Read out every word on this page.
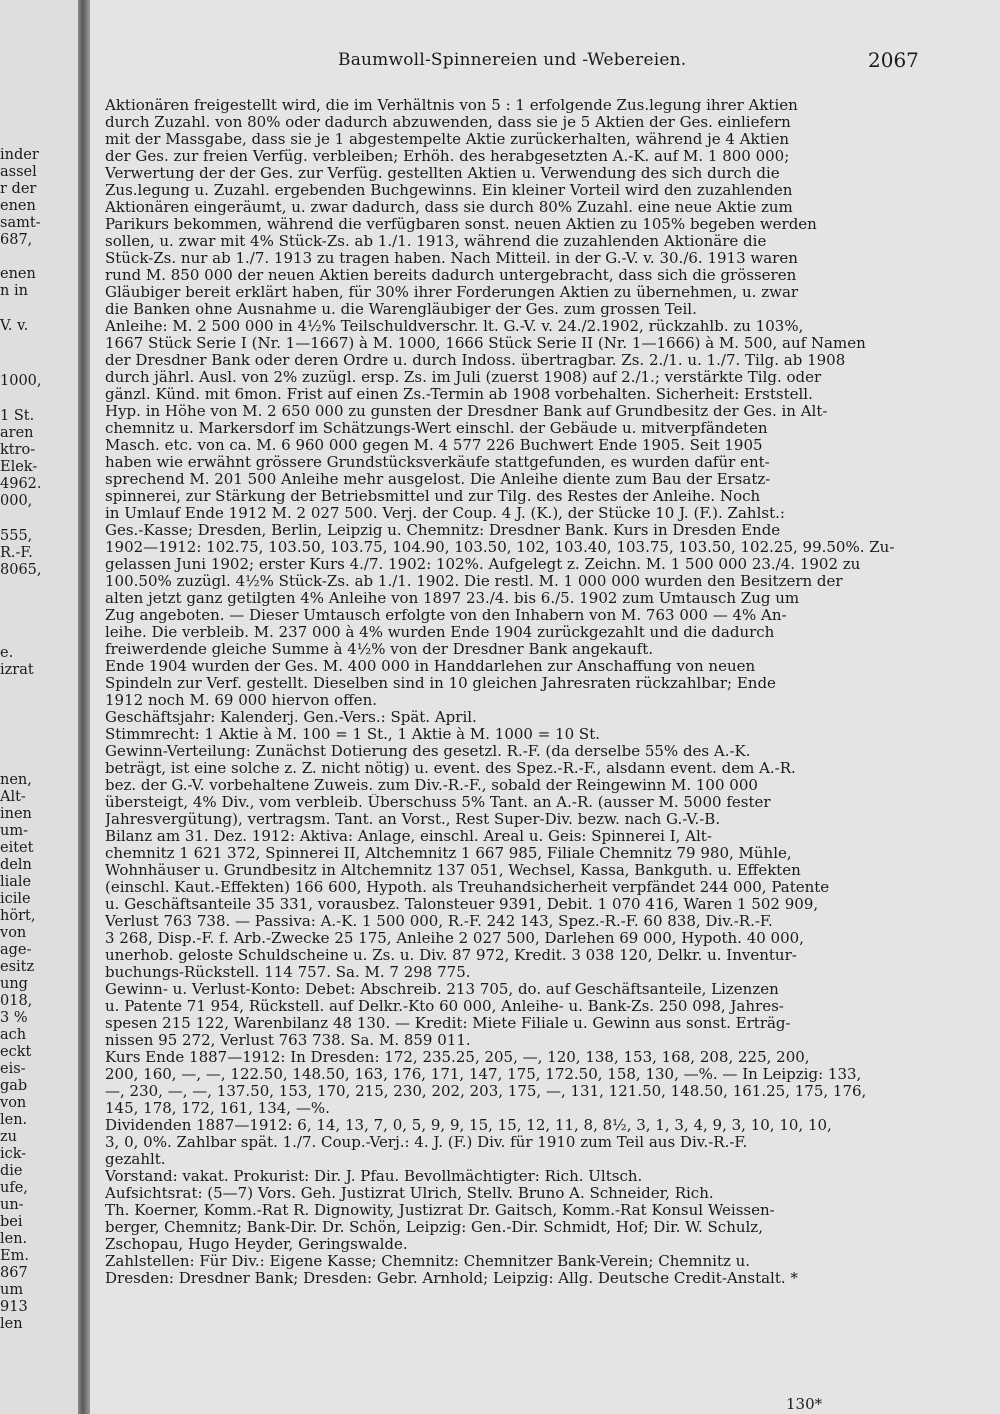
inder
assel
r der
enen
samt-
687,
enen
n in
V. v.
1000,
1 St.
aren
ktro-
Elek-
4962.
000,
555,
R.-F.
8065,
e.
izrat
nen,
Alt-
inen
um-
eitet
deln
liale
icile
hört,
von
age-
esitz
ung
018,
3 %
ach
eckt
eis-
gab
von
len.
zu
ick-
die
ufe,
un-
bei
len.
Em.
867
um
913
len
Baumwoll-Spinnereien und -Webereien.	2067
Aktionären freigestellt wird, die im Verhältnis von 5 : 1 erfolgende Zus.legung ihrer Aktien
durch Zuzahl. von 80% oder dadurch abzuwenden, dass sie je 5 Aktien der Ges. einliefern
mit der Massgabe, dass sie je 1 abgestempelte Aktie zurückerhalten, während je 4 Aktien
der Ges. zur freien Verfüg. verbleiben; Erhöh. des herabgesetzten A.-K. auf M. 1 800 000;
Verwertung der der Ges. zur Verfüg. gestellten Aktien u. Verwendung des sich durch die
Zus.legung u. Zuzahl. ergebenden Buchgewinns. Ein kleiner Vorteil wird den zuzahlenden
Aktionären eingeräumt, u. zwar dadurch, dass sie durch 80% Zuzahl. eine neue Aktie zum
Parikurs bekommen, während die verfügbaren sonst. neuen Aktien zu 105% begeben werden
sollen, u. zwar mit 4% Stück-Zs. ab 1./1. 1913, während die zuzahlenden Aktionäre die
Stück-Zs. nur ab 1./7. 1913 zu tragen haben. Nach Mitteil. in der G.-V. v. 30./6. 1913 waren
rund M. 850 000 der neuen Aktien bereits dadurch untergebracht, dass sich die grösseren
Gläubiger bereit erklärt haben, für 30% ihrer Forderungen Aktien zu übernehmen, u. zwar
die Banken ohne Ausnahme u. die Warengläubiger der Ges. zum grossen Teil.
Anleihe: M. 2 500 000 in 4½% Teilschuldverschr. lt. G.-V. v. 24./2.1902, rückzahlb. zu 103%,
1667 Stück Serie I (Nr. 1—1667) à M. 1000, 1666 Stück Serie II (Nr. 1—1666) à M. 500, auf Namen
der Dresdner Bank oder deren Ordre u. durch Indoss. übertragbar. Zs. 2./1. u. 1./7. Tilg. ab 1908
durch jährl. Ausl. von 2% zuzügl. ersp. Zs. im Juli (zuerst 1908) auf 2./1.; verstärkte Tilg. oder
gänzl. Künd. mit 6mon. Frist auf einen Zs.-Termin ab 1908 vorbehalten. Sicherheit: Erststell.
Hyp. in Höhe von M. 2 650 000 zu gunsten der Dresdner Bank auf Grundbesitz der Ges. in Alt-
chemnitz u. Markersdorf im Schätzungs-Wert einschl. der Gebäude u. mitverpfändeten
Masch. etc. von ca. M. 6 960 000 gegen M. 4 577 226 Buchwert Ende 1905. Seit 1905
haben wie erwähnt grössere Grundstücksverkäufe stattgefunden, es wurden dafür ent-
sprechend M. 201 500 Anleihe mehr ausgelost. Die Anleihe diente zum Bau der Ersatz-
spinnerei, zur Stärkung der Betriebsmittel und zur Tilg. des Restes der Anleihe. Noch
in Umlauf Ende 1912 M. 2 027 500. Verj. der Coup. 4 J. (K.), der Stücke 10 J. (F.). Zahlst.:
Ges.-Kasse; Dresden, Berlin, Leipzig u. Chemnitz: Dresdner Bank. Kurs in Dresden Ende
1902—1912: 102.75, 103.50, 103.75, 104.90, 103.50, 102, 103.40, 103.75, 103.50, 102.25, 99.50%. Zu-
gelassen Juni 1902; erster Kurs 4./7. 1902: 102%. Aufgelegt z. Zeichn. M. 1 500 000 23./4. 1902 zu
100.50% zuzügl. 4½% Stück-Zs. ab 1./1. 1902. Die restl. M. 1 000 000 wurden den Besitzern der
alten jetzt ganz getilgten 4% Anleihe von 1897 23./4. bis 6./5. 1902 zum Umtausch Zug um
Zug angeboten. — Dieser Umtausch erfolgte von den Inhabern von M. 763 000 — 4% An-
leihe. Die verbleib. M. 237 000 à 4% wurden Ende 1904 zurückgezahlt und die dadurch
freiwerdende gleiche Summe à 4½% von der Dresdner Bank angekauft.
Ende 1904 wurden der Ges. M. 400 000 in Handdarlehen zur Anschaffung von neuen
Spindeln zur Verf. gestellt. Dieselben sind in 10 gleichen Jahresraten rückzahlbar; Ende
1912 noch M. 69 000 hiervon offen.
Geschäftsjahr: Kalenderj. Gen.-Vers.: Spät. April.
Stimmrecht: 1 Aktie à M. 100 = 1 St., 1 Aktie à M. 1000 = 10 St.
Gewinn-Verteilung: Zunächst Dotierung des gesetzl. R.-F. (da derselbe 55% des A.-K.
beträgt, ist eine solche z. Z. nicht nötig) u. event. des Spez.-R.-F., alsdann event. dem A.-R.
bez. der G.-V. vorbehaltene Zuweis. zum Div.-R.-F., sobald der Reingewinn M. 100 000
übersteigt, 4% Div., vom verbleib. Überschuss 5% Tant. an A.-R. (ausser M. 5000 fester
Jahresvergütung), vertragsm. Tant. an Vorst., Rest Super-Div. bezw. nach G.-V.-B.
Bilanz am 31. Dez. 1912: Aktiva: Anlage, einschl. Areal u. Geis: Spinnerei I, Alt-
chemnitz 1 621 372, Spinnerei II, Altchemnitz 1 667 985, Filiale Chemnitz 79 980, Mühle,
Wohnhäuser u. Grundbesitz in Altchemnitz 137 051, Wechsel, Kassa, Bankguth. u. Effekten
(einschl. Kaut.-Effekten) 166 600, Hypoth. als Treuhandsicherheit verpfändet 244 000, Patente
u. Geschäftsanteile 35 331, vorausbez. Talonsteuer 9391, Debit. 1 070 416, Waren 1 502 909,
Verlust 763 738. — Passiva: A.-K. 1 500 000, R.-F. 242 143, Spez.-R.-F. 60 838, Div.-R.-F.
3 268, Disp.-F. f. Arb.-Zwecke 25 175, Anleihe 2 027 500, Darlehen 69 000, Hypoth. 40 000,
unerhob. geloste Schuldscheine u. Zs. u. Div. 87 972, Kredit. 3 038 120, Delkr. u. Inventur-
buchungs-Rückstell. 114 757. Sa. M. 7 298 775.
Gewinn- u. Verlust-Konto: Debet: Abschreib. 213 705, do. auf Geschäftsanteile, Lizenzen
u. Patente 71 954, Rückstell. auf Delkr.-Kto 60 000, Anleihe- u. Bank-Zs. 250 098, Jahres-
spesen 215 122, Warenbilanz 48 130. — Kredit: Miete Filiale u. Gewinn aus sonst. Erträg-
nissen 95 272, Verlust 763 738. Sa. M. 859 011.
Kurs Ende 1887—1912: In Dresden: 172, 235.25, 205, —, 120, 138, 153, 168, 208, 225, 200,
200, 160, —, —, 122.50, 148.50, 163, 176, 171, 147, 175, 172.50, 158, 130, —%. — In Leipzig: 133,
—, 230, —, —, 137.50, 153, 170, 215, 230, 202, 203, 175, —, 131, 121.50, 148.50, 161.25, 175, 176,
145, 178, 172, 161, 134, —%.
Dividenden 1887—1912: 6, 14, 13, 7, 0, 5, 9, 9, 15, 15, 12, 11, 8, 8½, 3, 1, 3, 4, 9, 3, 10, 10, 10,
3, 0, 0%. Zahlbar spät. 1./7. Coup.-Verj.: 4. J. (F.) Div. für 1910 zum Teil aus Div.-R.-F.
gezahlt.
Vorstand: vakat. Prokurist: Dir. J. Pfau. Bevollmächtigter: Rich. Ultsch.
Aufsichtsrat: (5—7) Vors. Geh. Justizrat Ulrich, Stellv. Bruno A. Schneider, Rich.
Th. Koerner, Komm.-Rat R. Dignowity, Justizrat Dr. Gaitsch, Komm.-Rat Konsul Weissen-
berger, Chemnitz; Bank-Dir. Dr. Schön, Leipzig: Gen.-Dir. Schmidt, Hof; Dir. W. Schulz,
Zschopau, Hugo Heyder, Geringswalde.
Zahlstellen: Für Div.: Eigene Kasse; Chemnitz: Chemnitzer Bank-Verein; Chemnitz u.
Dresden: Dresdner Bank; Dresden: Gebr. Arnhold; Leipzig: Allg. Deutsche Credit-Anstalt. *
130*
